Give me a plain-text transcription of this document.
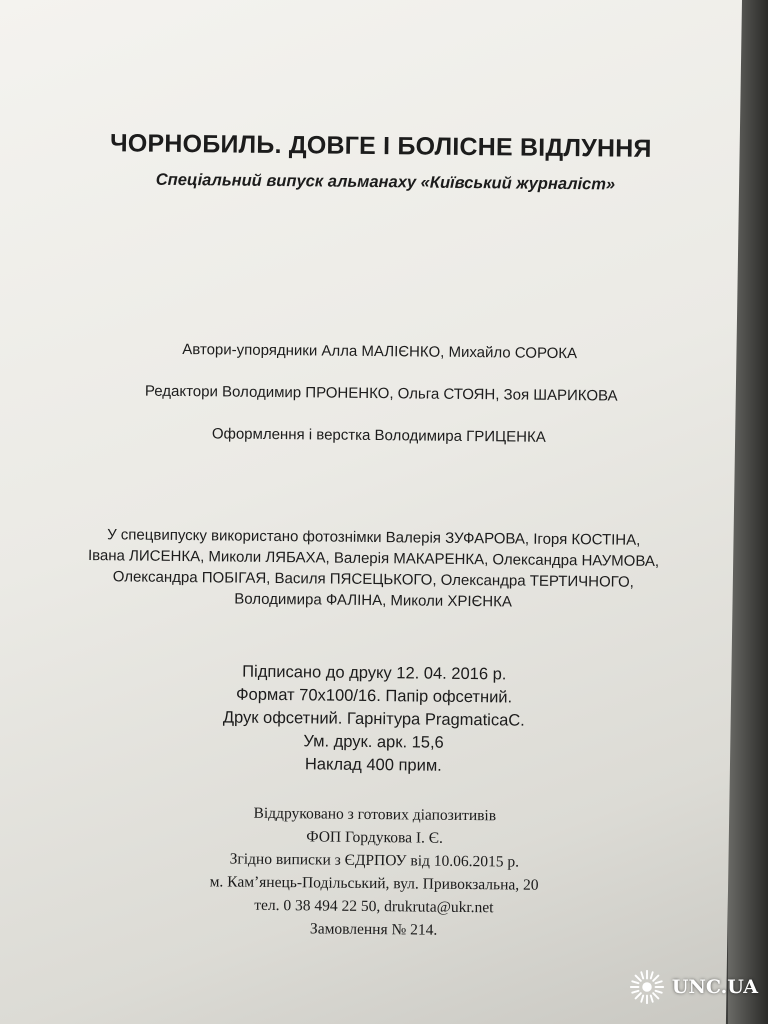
ЧОРНОБИЛЬ. ДОВГЕ І БОЛІСНЕ ВІДЛУННЯ
Спеціальний випуск альманаху «Київський журналіст»
Автори-упорядники Алла МАЛІЄНКО, Михайло СОРОКА
Редактори Володимир ПРОНЕНКО, Ольга СТОЯН, Зоя ШАРИКОВА
Оформлення і верстка Володимира ГРИЦЕНКА
У спецвипуску використано фотознімки Валерія ЗУФАРОВА, Ігоря КОСТІНА,
Івана ЛИСЕНКА, Миколи ЛЯБАХА, Валерія МАКАРЕНКА, Олександра НАУМОВА,
Олександра ПОБІГАЯ, Василя ПЯСЕЦЬКОГО, Олександра ТЕРТИЧНОГО,
Володимира ФАЛІНА, Миколи ХРІЄНКА
Підписано до друку 12. 04. 2016 р.
Формат 70х100/16. Папір офсетний.
Друк офсетний. Гарнітура PragmaticaC.
Ум. друк. арк. 15,6
Наклад 400 прим.
Віддруковано з готових діапозитивів
ФОП Гордукова І. Є.
Згідно виписки з ЄДРПОУ від 10.06.2015 р.
м. Кам’янець-Подільський, вул. Привокзальна, 20
тел. 0 38 494 22 50, drukruta@ukr.net
Замовлення № 214.
UNC.UA
